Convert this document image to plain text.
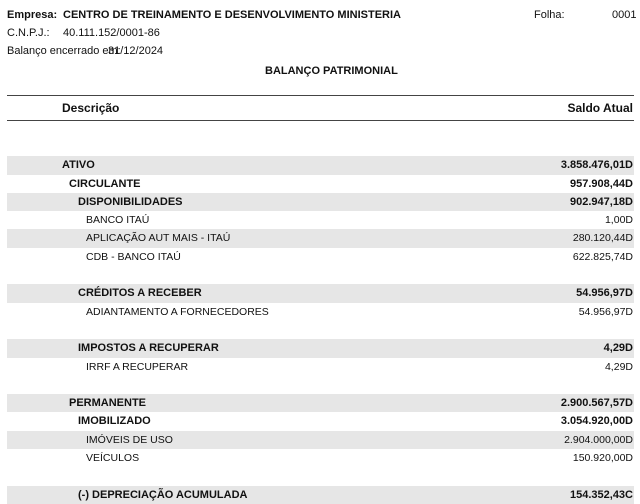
Empresa: CENTRO DE TREINAMENTO E DESENVOLVIMENTO MINISTERIA	Folha:	0001
C.N.P.J.: 40.111.152/0001-86
Balanço encerrado em:
31/12/2024
BALANÇO PATRIMONIAL
Descrição	Saldo Atual
ATIVO	3.858.476,01D
CIRCULANTE	957.908,44D
DISPONIBILIDADES	902.947,18D
BANCO ITAÚ	1,00D
APLICAÇÃO AUT MAIS - ITAÚ	280.120,44D
CDB - BANCO ITAÚ	622.825,74D
CRÉDITOS A RECEBER	54.956,97D
ADIANTAMENTO A FORNECEDORES	54.956,97D
IMPOSTOS A RECUPERAR	4,29D
IRRF A RECUPERAR	4,29D
PERMANENTE	2.900.567,57D
IMOBILIZADO	3.054.920,00D
IMÓVEIS DE USO	2.904.000,00D
VEÍCULOS	150.920,00D
(-) DEPRECIAÇÃO ACUMULADA	154.352,43C
